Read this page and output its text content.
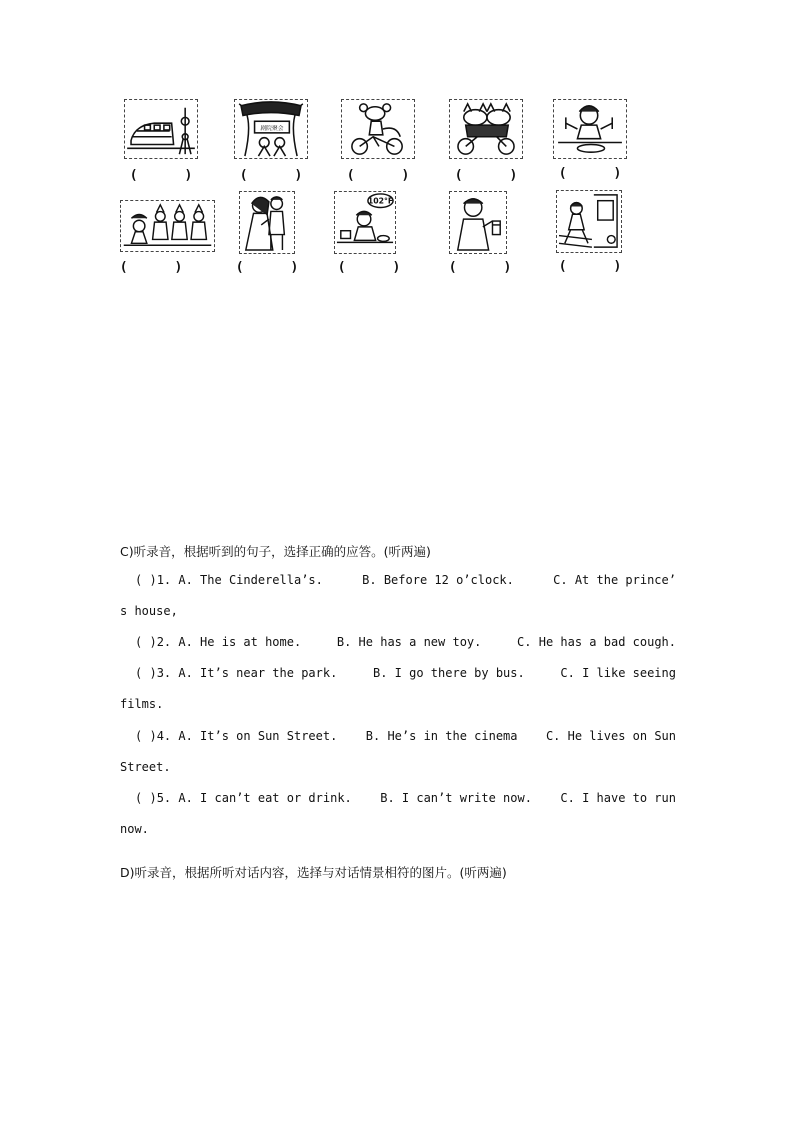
剧院聚会
(      )	(      )	(      )	(      )	(      )
102°F
(      )	(      )	(      )	(      )	(      )
C)听录音，根据听到的句子，选择正确的应答。(听两遍)
( )1. A. The Cinderella’s.	B. Before 12 o’clock.	C. At the prince’
s house,
( )2. A. He is at home.	B. He has a new toy.	C. He has a bad cough.
( )3. A. It’s near the park.	B. I go there by bus.	C. I like seeing
films.
( )4. A. It’s on Sun Street. B. He’s in the cinema C. He lives on Sun
Street.
( )5. A. I can’t eat or drink. B. I can’t write now. C. I have to run
now.
D)听录音，根据所听对话内容，选择与对话情景相符的图片。(听两遍)
